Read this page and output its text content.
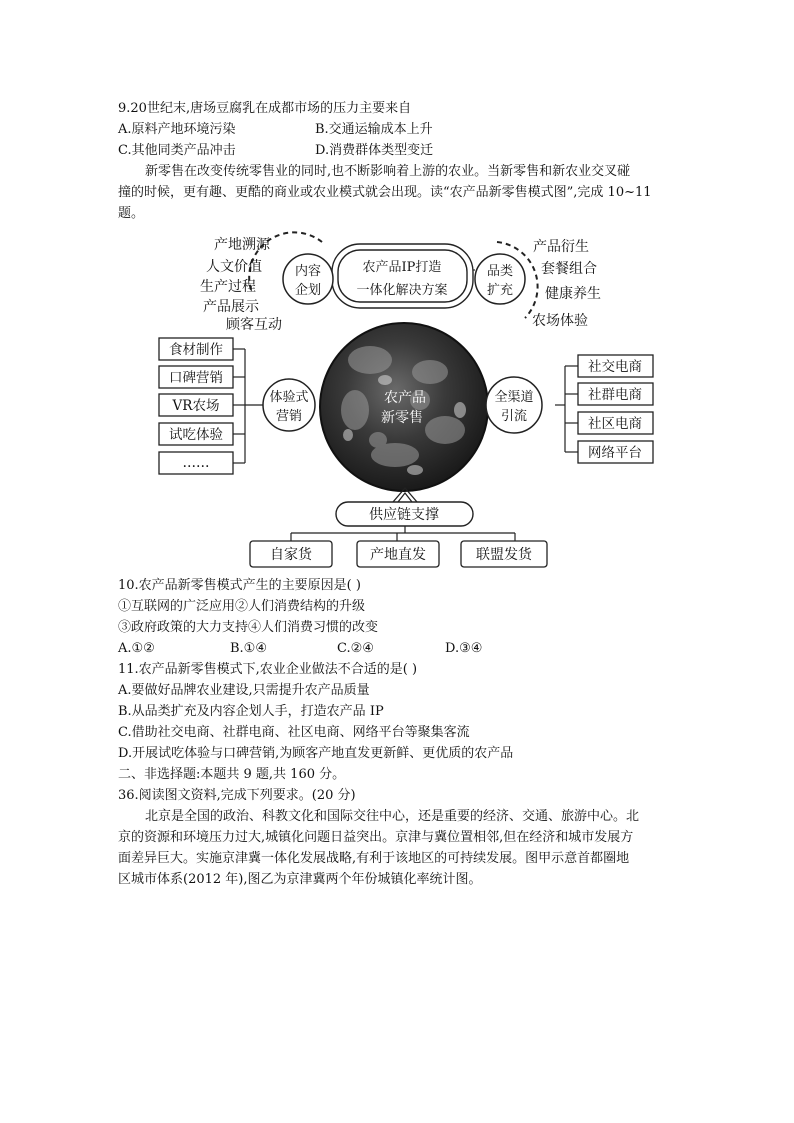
9.20世纪末,唐场豆腐乳在成都市场的压力主要来自
A.原料产地环境污染	B.交通运输成本上升
C.其他同类产品冲击	D.消费群体类型变迁
新零售在改变传统零售业的同时,也不断影响着上游的农业。当新零售和新农业交叉碰
撞的时候，更有趣、更酷的商业或农业模式就会出现。读“农产品新零售模式图”,完成 10~11
题。
农产品IP打造
一体化解决方案
内容
企划
品类
扩充
产地溯源
人文价值
生产过程
产品展示
顾客互动
产品衍生
套餐组合
健康养生
农场体验
食材制作
口碑营销
VR农场
试吃体验
……
体验式
营销
农产品
新零售
全渠道
引流
社交电商
社群电商
社区电商
网络平台
供应链支撑
自家货	产地直发	联盟发货
10.农产品新零售模式产生的主要原因是( )
①互联网的广泛应用②人们消费结构的升级
③政府政策的大力支持④人们消费习惯的改变
A.①②	B.①④	C.②④	D.③④
11.农产品新零售模式下,农业企业做法不合适的是( )
A.要做好品牌农业建设,只需提升农产品质量
B.从品类扩充及内容企划人手，打造农产品 IP
C.借助社交电商、社群电商、社区电商、网络平台等聚集客流
D.开展试吃体验与口碑营销,为顾客产地直发更新鲜、更优质的农产品
二、非选择题:本题共 9 题,共 160 分。
36.阅读图文资料,完成下列要求。(20 分)
北京是全国的政治、科教文化和国际交往中心，还是重要的经济、交通、旅游中心。北
京的资源和环境压力过大,城镇化问题日益突出。京津与冀位置相邻,但在经济和城市发展方
面差异巨大。实施京津冀一体化发展战略,有利于该地区的可持续发展。图甲示意首都圈地
区城市体系(2012 年),图乙为京津冀两个年份城镇化率统计图。
